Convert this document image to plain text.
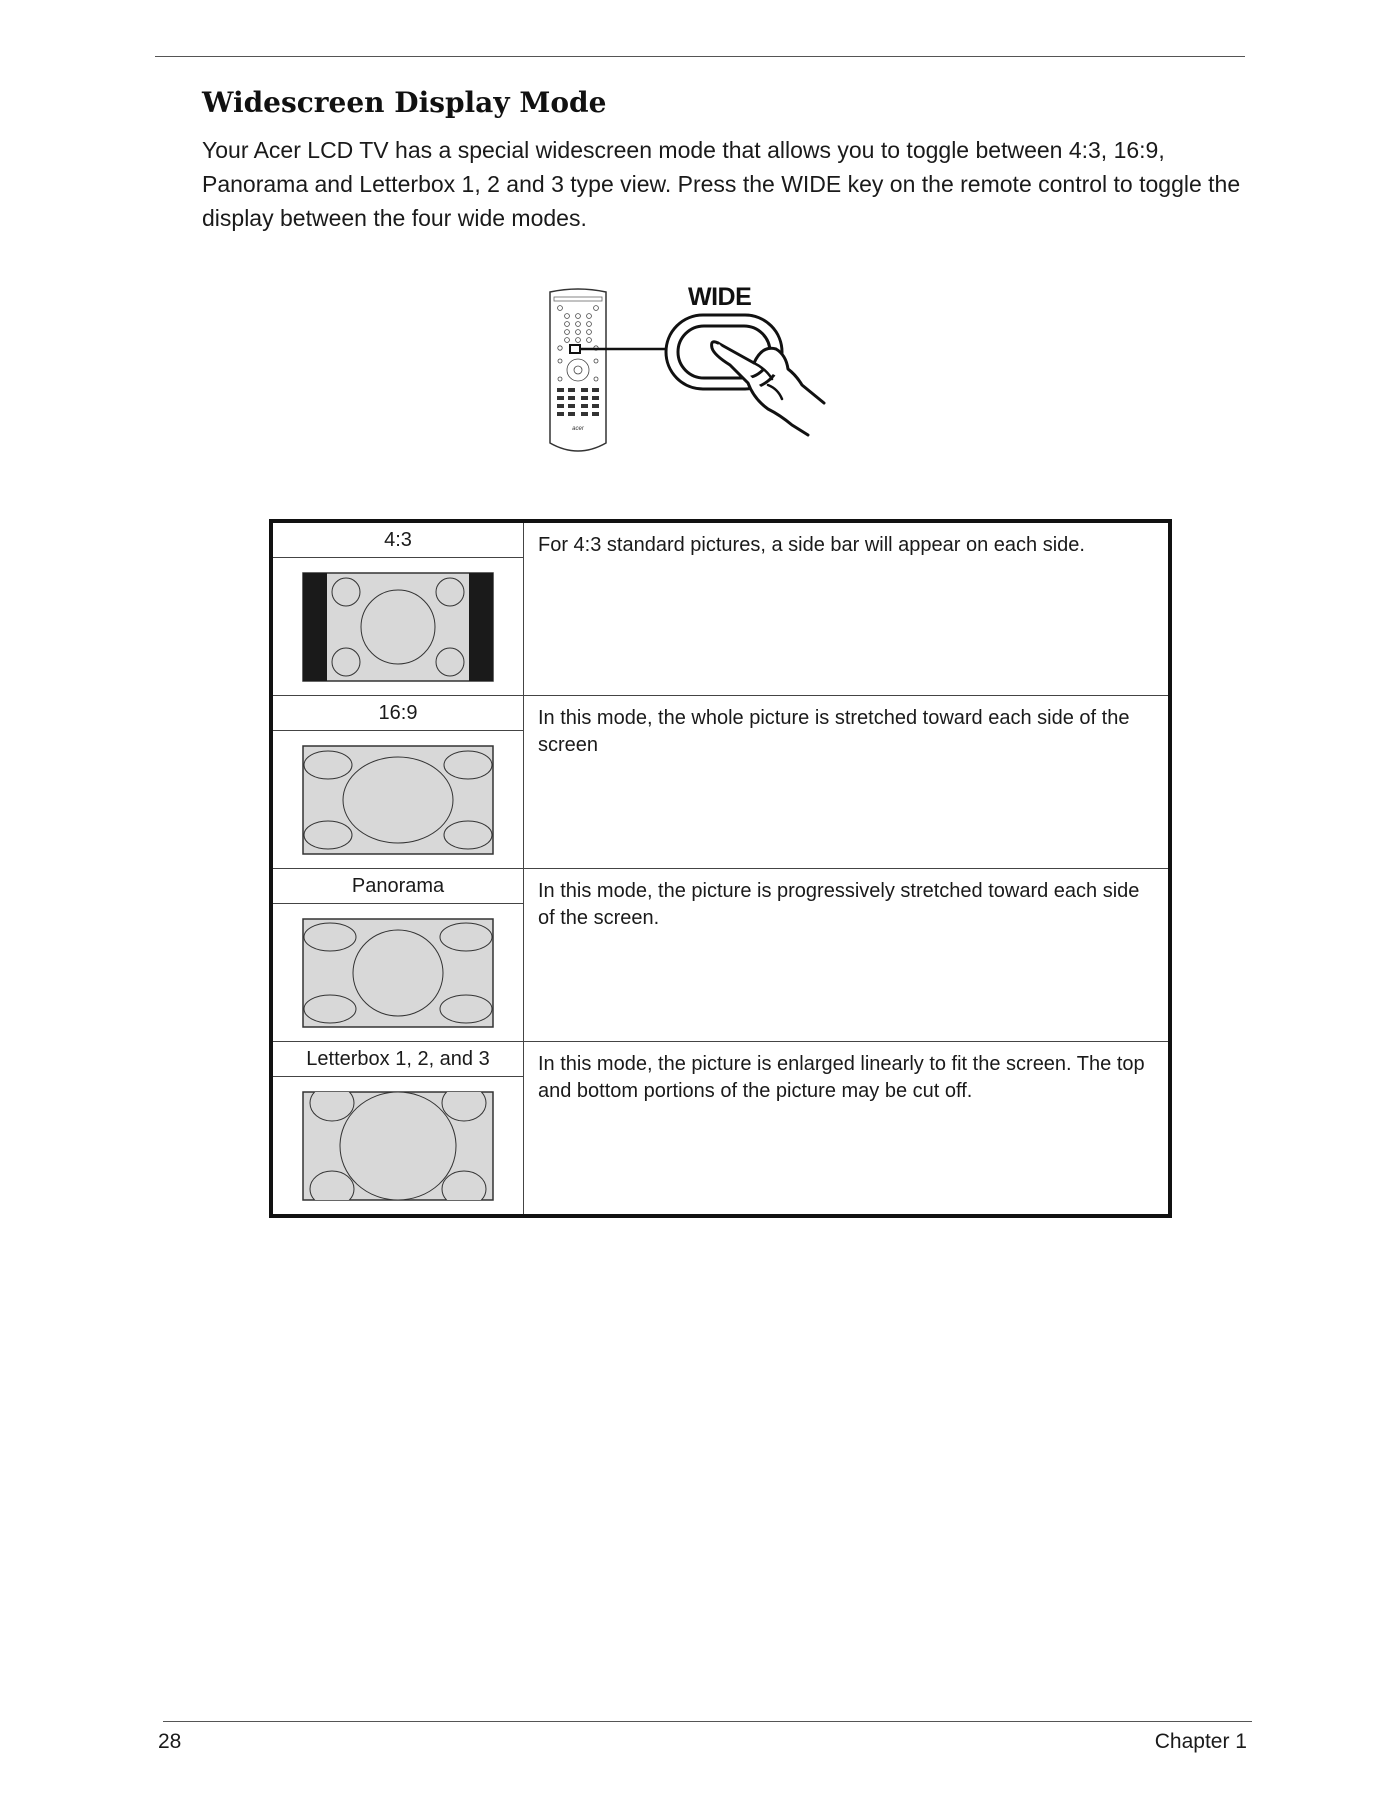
Widescreen Display Mode

Your Acer LCD TV has a special widescreen mode that allows you to toggle between 4:3, 16:9, Panorama and Letterbox 1, 2 and 3 type view. Press the WIDE key on the remote control to toggle the display between the four wide modes.

acer
WIDE
4:3	For 4:3 standard pictures, a side bar will appear on each side.

16:9	In this mode, the whole picture is stretched toward each side of the screen

Panorama	In this mode, the picture is progressively stretched toward each side of the screen.

Letterbox 1, 2, and 3	In this mode, the picture is enlarged linearly to fit the screen. The top and bottom portions of the picture may be cut off.
28	Chapter 1
